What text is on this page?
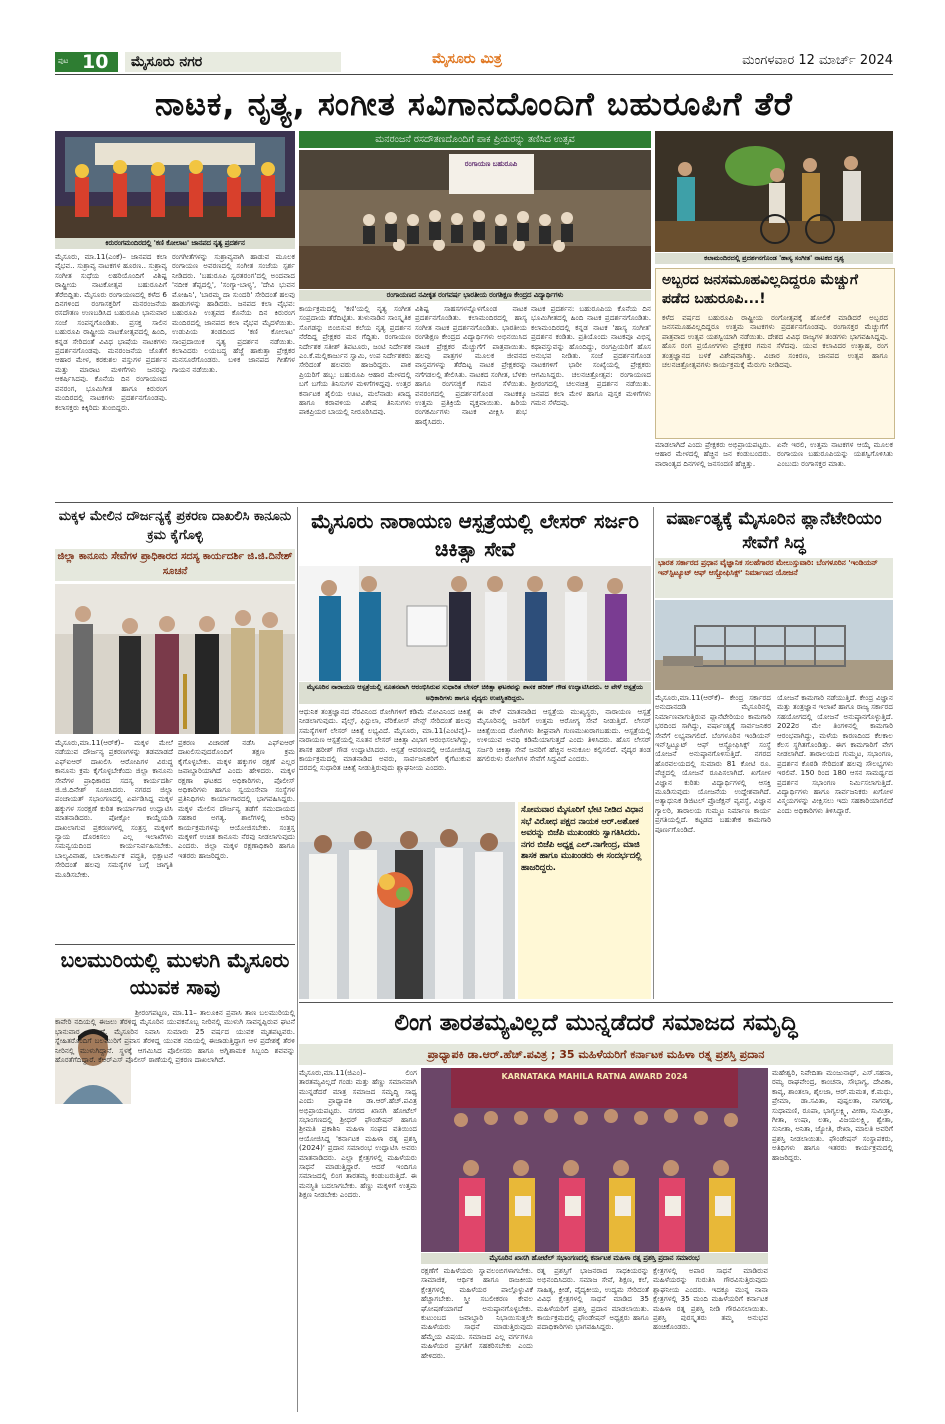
ಪುಟ 10	ಮೈಸೂರು ನಗರ	ಮೈಸೂರು ಮಿತ್ರ	ಮಂಗಳವಾರ 12 ಮಾರ್ಚ್ 2024
ನಾಟಕ, ನೃತ್ಯ, ಸಂಗೀತ ಸವಿಗಾನದೊಂದಿಗೆ ಬಹುರೂಪಿಗೆ ತೆರೆ
ಕಿರುರಂಗಮಂದಿರದಲ್ಲಿ 'ಕಣಿ ಕೋಲಾಟ' ಜಾನಪದ ನೃತ್ಯ ಪ್ರದರ್ಶನ
ಮನರಂಜನೆ ರಸದೌತಣದೊಂದಿಗೆ ಪಾಕ ಪ್ರಿಯರನ್ನು ತಣಿಸಿದ ಉತ್ಸವ
ರಂಗಾಯಣ ಬಹುರೂಪಿ
ರಂಗಾಯಣದ ನವೀಕೃತ ರಂಗವರ್ಷ ಭಾರತೀಯ ರಂಗಶಿಕ್ಷಣ ಕೇಂದ್ರದ ವಿದ್ಯಾರ್ಥಿಗಳು
ಕಲಾಮಂದಿರದಲ್ಲಿ ಪ್ರದರ್ಶನಗೊಂಡ 'ಹಾಸ್ಯ ಸಂಗೀತ' ನಾಟಕದ ದೃಶ್ಯ
ಮೈಸೂರು, ಮಾ.11(ಎಂಕೆ)– ಜಾನಪದ ಕಲಾ ವೈಭವ.. ಸುಶ್ರಾವ್ಯ ನಾಟಕಗಳ ಹೂರಣ.. ಸುಶ್ರಾವ್ಯ ಸಂಗೀತ ಸುಧೆಯ ಲಹರಿಯೊಂದಿಗೆ ವಿಶಿಷ್ಟ ರಾಷ್ಟ್ರೀಯ ನಾಟಕೋತ್ಸವ ಬಹುರೂಪಿಗೆ ತೆರೆಬಿದ್ದಿತು. ಮೈಸೂರು ರಂಗಾಯಣದಲ್ಲಿ ಕಳೆದ 6 ದಿನಗಳಿಂದ ರಂಗಾಸಕ್ತರಿಗೆ ಮನರಂಜನೆಯ ರಸದೌತಣ ಉಣಬಡಿಸಿದ ಬಹುರೂಪಿ ಭಾನುವಾರ ಸಂಜೆ ಸಂಪನ್ನಗೊಂಡಿತು. ಪ್ರಸಕ್ತ ಸಾಲಿನ ಬಹುರೂಪಿ ರಾಷ್ಟ್ರೀಯ ನಾಟಕೋತ್ಸವದಲ್ಲಿ ಹಿಂದಿ, ಕನ್ನಡ ಸೇರಿದಂತೆ ವಿವಿಧ ಭಾಷೆಯ ನಾಟಕಗಳು ಪ್ರದರ್ಶನಗೊಂಡವು. ಮನರಂಜನೆಯ ಜೊತೆಗೆ ಆಹಾರ ಮೇಳ, ಕರಕುಶಲ ವಸ್ತುಗಳ ಪ್ರದರ್ಶನ ಮತ್ತು ಮಾರಾಟ ಮಳಿಗೆಗಳು ಜನರನ್ನು ಆಕರ್ಷಿಸಿದವು. ಕೊನೆಯ ದಿನ ರಂಗಾಯಣದ ವನರಂಗ, ಭೂಮಿಗೀತ ಹಾಗೂ ಕಿರುರಂಗ ಮಂದಿರದಲ್ಲಿ ನಾಟಕಗಳು ಪ್ರದರ್ಶನಗೊಂಡವು. ಕಲಾಸಕ್ತರು ಕಿಕ್ಕಿರಿದು ತುಂಬಿದ್ದರು.
ರಂಗಗೀತೆಗಳನ್ನು ಸುಶ್ರಾವ್ಯವಾಗಿ ಹಾಡುವ ಮೂಲಕ ರಂಗಾಯಣ ಅವರಣದಲ್ಲಿ ಸಂಗೀತ ಸಂಜೆಯ ಸ್ಪರ್ಶ ನೀಡಿದರು. 'ಬಹುರೂಪಿ ಸ್ವರತರಂಗ'ದಲ್ಲಿ ಅಂದವಾದ 'ನದೀಕ ತೆಪ್ಪದಲ್ಲಿ', 'ಸಂಗ್ಯಾ-ಬಾಳ್ಯ', 'ದೇವಿ ಭುವನ ಮೋಹಿನಿ', 'ಬಾರಮ್ಮ ದಾ ಸುಂದರಿ' ಸೇರಿದಂತೆ ಹಲವು ಹಾಡುಗಳನ್ನು ಹಾಡಿದರು. ಜನಪದ ಕಲಾ ವೈಭವ: ಬಹುರೂಪಿ ಉತ್ಸವದ ಕೊನೆಯ ದಿನ ಕಿರುರಂಗ ಮಂದಿರದಲ್ಲಿ ಜಾನಪದ ಕಲಾ ವೈಭವ ಮೈದಳೆಯಿತು. ಉಡುಪಿಯ ತಂಡದಿಂದ 'ಕಣಿ ಕೋಲಾಟ' ಸಾಂಪ್ರದಾಯಿಕ ನೃತ್ಯ ಪ್ರದರ್ಶನ ನಡೆಯಿತು. ಕಲಾವಿದರು ಲಯಬದ್ಧ ಹೆಜ್ಜೆ ಹಾಕುತ್ತಾ ಪ್ರೇಕ್ಷಕರ ಮನಸೂರೆಗೊಂಡರು. ಬಳಿಕ ಜಾನಪದ ಗೀತೆಗಳ ಗಾಯನ ನಡೆಯಿತು.
ಕಾರ್ಯಕ್ರಮದಲ್ಲಿ 'ಕಣಿ'ಯಲ್ಲಿ ನೃತ್ಯ ಸಂಗೀತ ಸಂಪ್ರದಾಯ ತೆರೆದಿಟ್ಟಿತು. ತುಳುನಾಡಿನ ಸಾಂಸ್ಕೃತಿಕ ಸೊಗಡನ್ನು ಬಿಂಬಿಸುವ ಕಲೆಯ ನೃತ್ಯ ಪ್ರದರ್ಶನ ನೆರೆದಿದ್ದ ಪ್ರೇಕ್ಷಕರ ಮನ ಗೆದ್ದಿತು. ರಂಗಾಯಣ ನಿರ್ದೇಶಕ ಸತೀಶ್ ತಿಪಟೂರು, ಜಂಟಿ ನಿರ್ದೇಶಕ ಎಂ.ಕೆ.ಮಲ್ಲಿಕಾರ್ಜುನ ಸ್ವಾಮಿ, ಉಪ ನಿರ್ದೇಶಕರು ಸೇರಿದಂತೆ ಹಲವರು ಹಾಜರಿದ್ದರು. ಪಾಕ ಪ್ರಿಯರಿಗೆ ಹಬ್ಬ: ಬಹುರೂಪಿ ಆಹಾರ ಮೇಳದಲ್ಲಿ ಬಗೆ ಬಗೆಯ ತಿನಿಸುಗಳ ಮಳಿಗೆಗಳಿದ್ದವು. ಉತ್ತರ ಕರ್ನಾಟಕ ಶೈಲಿಯ ಊಟ, ಮಲೆನಾಡು ಖಾದ್ಯ ಹಾಗೂ ಕರಾವಳಿಯ ವಿಶೇಷ ತಿನಿಸುಗಳು ಪಾಕಪ್ರಿಯರ ಬಾಯಲ್ಲಿ ನೀರೂರಿಸಿದವು.
ವಿಶಿಷ್ಟ ಸಾಹಸಗಳನ್ನೊಳಗೊಂಡ ನಾಟಕ ಪ್ರದರ್ಶನಗೊಂಡಿತು. ಕಲಾಮಂದಿರದಲ್ಲಿ ಹಾಸ್ಯ ಸಂಗೀತ ನಾಟಕ ಪ್ರದರ್ಶನಗೊಂಡಿತು. ಭಾರತೀಯ ರಂಗಶಿಕ್ಷಣ ಕೇಂದ್ರದ ವಿದ್ಯಾರ್ಥಿಗಳು ಅಭಿನಯಿಸಿದ ನಾಟಕ ಪ್ರೇಕ್ಷಕರ ಮೆಚ್ಚುಗೆಗೆ ಪಾತ್ರವಾಯಿತು. ಹಲವು ಪಾತ್ರಗಳ ಮೂಲಕ ಜೀವನದ ವಾಸ್ತವಗಳನ್ನು ತೆರೆದಿಟ್ಟ ನಾಟಕ ಪ್ರೇಕ್ಷಕರನ್ನು ನಗೆಗಡಲಲ್ಲಿ ತೇಲಿಸಿತು. ನಾಟಕದ ಸಂಗೀತ, ಬೆಳಕು ಹಾಗೂ ರಂಗಸಜ್ಜಿಕೆ ಗಮನ ಸೆಳೆಯಿತು. ವನರಂಗದಲ್ಲಿ ಪ್ರದರ್ಶನಗೊಂಡ ನಾಟಕಕ್ಕೂ ಉತ್ತಮ ಪ್ರತಿಕ್ರಿಯೆ ವ್ಯಕ್ತವಾಯಿತು. ಹಿರಿಯ ರಂಗಕರ್ಮಿಗಳು ನಾಟಕ ವೀಕ್ಷಿಸಿ ಶುಭ ಹಾರೈಸಿದರು.
ನಾಟಕ ಪ್ರದರ್ಶನ: ಬಹುರೂಪಿಯ ಕೊನೆಯ ದಿನ ಭೂಮಿಗೀತದಲ್ಲಿ ಹಿಂದಿ ನಾಟಕ ಪ್ರದರ್ಶನಗೊಂಡಿತು. ಕಲಾಮಂದಿರದಲ್ಲಿ ಕನ್ನಡ ನಾಟಕ 'ಹಾಸ್ಯ ಸಂಗೀತ' ಪ್ರದರ್ಶನ ಕಂಡಿತು. ಪ್ರತಿಯೊಂದು ನಾಟಕವೂ ವಿಭಿನ್ನ ಕಥಾವಸ್ತುವನ್ನು ಹೊಂದಿದ್ದು, ರಂಗಪ್ರಿಯರಿಗೆ ಹೊಸ ಅನುಭವ ನೀಡಿತು. ಸಂಜೆ ಪ್ರದರ್ಶನಗೊಂಡ ನಾಟಕಗಳಿಗೆ ಭಾರೀ ಸಂಖ್ಯೆಯಲ್ಲಿ ಪ್ರೇಕ್ಷಕರು ಆಗಮಿಸಿದ್ದರು. ಚಲನಚಿತ್ರೋತ್ಸವ: ರಂಗಾಯಣದ ಶ್ರೀರಂಗದಲ್ಲಿ ಚಲನಚಿತ್ರ ಪ್ರದರ್ಶನ ನಡೆಯಿತು. ಜನಪದ ಕಲಾ ಮೇಳ ಹಾಗೂ ಪುಸ್ತಕ ಮಳಿಗೆಗಳು ಗಮನ ಸೆಳೆದವು.
ಅಬ್ಬರದ ಜನಸಮೂಹವಿಲ್ಲದಿದ್ದರೂ ಮೆಚ್ಚುಗೆ ಪಡೆದ ಬಹುರೂಪಿ...!
ಕಳೆದ ವರ್ಷದ ಬಹುರೂಪಿ ರಾಷ್ಟ್ರೀಯ ರಂಗೋತ್ಸವಕ್ಕೆ ಹೋಲಿಕೆ ಮಾಡಿದರೆ ಅಬ್ಬರದ ಜನಸಮೂಹವಿಲ್ಲದಿದ್ದರೂ ಉತ್ತಮ ನಾಟಕಗಳು ಪ್ರದರ್ಶನಗೊಂಡವು. ರಂಗಾಸಕ್ತರ ಮೆಚ್ಚುಗೆಗೆ ಪಾತ್ರವಾದ ಉತ್ಸವ ಯಶಸ್ವಿಯಾಗಿ ನಡೆಯಿತು. ದೇಶದ ವಿವಿಧ ರಾಜ್ಯಗಳ ತಂಡಗಳು ಭಾಗವಹಿಸಿದ್ದವು. ಹೊಸ ರಂಗ ಪ್ರಯೋಗಗಳು ಪ್ರೇಕ್ಷಕರ ಗಮನ ಸೆಳೆದವು. ಯುವ ಕಲಾವಿದರ ಉತ್ಸಾಹ, ರಂಗ ತಂತ್ರಜ್ಞಾನದ ಬಳಕೆ ವಿಶೇಷವಾಗಿತ್ತು. ವಿಚಾರ ಸಂಕಿರಣ, ಜಾನಪದ ಉತ್ಸವ ಹಾಗೂ ಚಲನಚಿತ್ರೋತ್ಸವಗಳು ಕಾರ್ಯಕ್ರಮಕ್ಕೆ ಮೆರುಗು ನೀಡಿದವು.
ಮಾಡಲಾಗಿದೆ ಎಂದು ಪ್ರೇಕ್ಷಕರು ಅಭಿಪ್ರಾಯಪಟ್ಟರು. ಆಹಾರ ಮೇಳದಲ್ಲಿ ಹೆಚ್ಚಿನ ಜನ ಕಂಡುಬಂದರು. ವಾರಾಂತ್ಯದ ದಿನಗಳಲ್ಲಿ ಜನಸಂದಣಿ ಹೆಚ್ಚಿತ್ತು.
ಏನೇ ಇರಲಿ, ಉತ್ತಮ ನಾಟಕಗಳ ಆಯ್ಕೆ ಮೂಲಕ ರಂಗಾಯಣ ಬಹುರೂಪಿಯನ್ನು ಯಶಸ್ವಿಗೊಳಿಸಿತು ಎಂಬುದು ರಂಗಾಸಕ್ತರ ಮಾತು.
ಮಕ್ಕಳ ಮೇಲಿನ ದೌರ್ಜನ್ಯಕ್ಕೆ ಪ್ರಕರಣ ದಾಖಲಿಸಿ ಕಾನೂನು ಕ್ರಮ ಕೈಗೊಳ್ಳಿ
ಜಿಲ್ಲಾ ಕಾನೂನು ಸೇವೆಗಳ ಪ್ರಾಧಿಕಾರದ ಸದಸ್ಯ ಕಾರ್ಯದರ್ಶಿ ಜಿ.ಜಿ.ದಿನೇಶ್ ಸೂಚನೆ
ಮೈಸೂರು,ಮಾ.11(ಆರ್‌ಕೆ)– ಮಕ್ಕಳ ಮೇಲೆ ನಡೆಯುವ ದೌರ್ಜನ್ಯ ಪ್ರಕರಣಗಳನ್ನು ತಡಮಾಡದೆ ಎಫ್‌ಐಆರ್ ದಾಖಲಿಸಿ ಆರೋಪಿಗಳ ವಿರುದ್ಧ ಕಾನೂನು ಕ್ರಮ ಕೈಗೊಳ್ಳಬೇಕೆಂದು ಜಿಲ್ಲಾ ಕಾನೂನು ಸೇವೆಗಳ ಪ್ರಾಧಿಕಾರದ ಸದಸ್ಯ ಕಾರ್ಯದರ್ಶಿ ಜಿ.ಜಿ.ದಿನೇಶ್ ಸೂಚಿಸಿದರು. ನಗರದ ಜಿಲ್ಲಾ ಪಂಚಾಯತ್ ಸಭಾಂಗಣದಲ್ಲಿ ಏರ್ಪಡಿಸಿದ್ದ ಮಕ್ಕಳ ಹಕ್ಕುಗಳ ಸಂರಕ್ಷಣೆ ಕುರಿತ ಕಾರ್ಯಾಗಾರ ಉದ್ಘಾಟಿಸಿ ಮಾತನಾಡಿದರು. ಪೋಕ್ಸೋ ಕಾಯ್ದೆಯಡಿ ದಾಖಲಾಗುವ ಪ್ರಕರಣಗಳಲ್ಲಿ ಸಂತ್ರಸ್ತ ಮಕ್ಕಳಿಗೆ ನ್ಯಾಯ ದೊರಕಿಸಲು ಎಲ್ಲ ಇಲಾಖೆಗಳು ಸಮನ್ವಯದಿಂದ ಕಾರ್ಯನಿರ್ವಹಿಸಬೇಕು. ಬಾಲ್ಯವಿವಾಹ, ಬಾಲಕಾರ್ಮಿಕ ಪದ್ಧತಿ, ಭಿಕ್ಷಾಟನೆ ಸೇರಿದಂತೆ ಹಲವು ಸಮಸ್ಯೆಗಳ ಬಗ್ಗೆ ಜಾಗೃತಿ ಮೂಡಿಸಬೇಕು.
ಪ್ರಕರಣ ವಿಚಾರಣೆ ನಡೆಸಿ ಎಫ್‌ಐಆರ್ ದಾಖಲಿಸುವುದರೊಂದಿಗೆ ತಕ್ಷಣ ಕ್ರಮ ಕೈಗೊಳ್ಳಬೇಕು. ಮಕ್ಕಳ ಹಕ್ಕುಗಳ ರಕ್ಷಣೆ ಎಲ್ಲರ ಜವಾಬ್ದಾರಿಯಾಗಿದೆ ಎಂದು ಹೇಳಿದರು. ಮಕ್ಕಳ ರಕ್ಷಣಾ ಘಟಕದ ಅಧಿಕಾರಿಗಳು, ಪೊಲೀಸ್ ಅಧಿಕಾರಿಗಳು ಹಾಗೂ ಸ್ವಯಂಸೇವಾ ಸಂಸ್ಥೆಗಳ ಪ್ರತಿನಿಧಿಗಳು ಕಾರ್ಯಾಗಾರದಲ್ಲಿ ಭಾಗವಹಿಸಿದ್ದರು. ಮಕ್ಕಳ ಮೇಲಿನ ದೌರ್ಜನ್ಯ ತಡೆಗೆ ಸಮುದಾಯದ ಸಹಕಾರ ಅಗತ್ಯ. ಶಾಲೆಗಳಲ್ಲಿ ಅರಿವು ಕಾರ್ಯಕ್ರಮಗಳನ್ನು ಆಯೋಜಿಸಬೇಕು. ಸಂತ್ರಸ್ತ ಮಕ್ಕಳಿಗೆ ಉಚಿತ ಕಾನೂನು ನೆರವು ನೀಡಲಾಗುವುದು ಎಂದರು. ಜಿಲ್ಲಾ ಮಕ್ಕಳ ರಕ್ಷಣಾಧಿಕಾರಿ ಹಾಗೂ ಇತರರು ಹಾಜರಿದ್ದರು.
ಬಲಮುರಿಯಲ್ಲಿ ಮುಳುಗಿ ಮೈಸೂರು ಯುವಕ ಸಾವು
ಶ್ರೀರಂಗಪಟ್ಟಣ, ಮಾ.11– ತಾಲೂಕಿನ ಪ್ರವಾಸಿ ತಾಣ ಬಲಮುರಿಯಲ್ಲಿ ಕಾವೇರಿ ನದಿಯಲ್ಲಿ ಈಜಲು ತೆರಳಿದ್ದ ಮೈಸೂರಿನ ಯುವಕನೊಬ್ಬ ನೀರಿನಲ್ಲಿ ಮುಳುಗಿ ಸಾವನ್ನಪ್ಪಿರುವ ಘಟನೆ ಭಾನುವಾರ ನಡೆದಿದೆ. ಮೈಸೂರಿನ ನಿವಾಸಿ ಸುಮಾರು 25 ವರ್ಷದ ಯುವಕ ಮೃತಪಟ್ಟವರು. ಸ್ನೇಹಿತರೊಂದಿಗೆ ಬಲಮುರಿಗೆ ಪ್ರವಾಸ ತೆರಳಿದ್ದ ಯುವಕ ನದಿಯಲ್ಲಿ ಈಜಾಡುತ್ತಿದ್ದಾಗ ಆಳ ಪ್ರದೇಶಕ್ಕೆ ತೆರಳಿ ನೀರಿನಲ್ಲಿ ಮುಳುಗಿದ್ದಾನೆ. ಸ್ಥಳಕ್ಕೆ ಆಗಮಿಸಿದ ಪೊಲೀಸರು ಹಾಗೂ ಅಗ್ನಿಶಾಮಕ ಸಿಬ್ಬಂದಿ ಶವವನ್ನು ಹೊರತೆಗೆದಿದ್ದಾರೆ. ಕೆಆರ್‌ಎಸ್ ಪೊಲೀಸ್ ಠಾಣೆಯಲ್ಲಿ ಪ್ರಕರಣ ದಾಖಲಾಗಿದೆ.
ಮೈಸೂರು ನಾರಾಯಣ ಆಸ್ಪತ್ರೆಯಲ್ಲಿ ಲೇಸರ್ ಸರ್ಜರಿ ಚಿಕಿತ್ಸಾ ಸೇವೆ
ಮೈಸೂರಿನ ನಾರಾಯಣ ಆಸ್ಪತ್ರೆಯಲ್ಲಿ ನೂತನವಾಗಿ ಆರಂಭಿಸಿರುವ ಸುಧಾರಿತ ಲೇಸರ್ ಚಿಕಿತ್ಸಾ ಘಟಕವನ್ನು ಶಾಸಕ ಹರೀಶ್ ಗೌಡ ಉದ್ಘಾಟಿಸಿದರು. ಆ ವೇಳೆ ಆಸ್ಪತ್ರೆಯ ಅಧಿಕಾರಿಗಳು ಹಾಗೂ ವೈದ್ಯರು ಉಪಸ್ಥಿತರಿದ್ದರು.
ಆಧುನಿಕ ತಂತ್ರಜ್ಞಾನದ ನೆರವಿನಿಂದ ರೋಗಿಗಳಿಗೆ ಕಡಿಮೆ ನೋವಿನಿಂದ ಚಿಕಿತ್ಸೆ ನೀಡಲಾಗುವುದು. ಪೈಲ್ಸ್, ಫಿಸ್ಟುಲಾ, ವೆರಿಕೋಸ್ ವೇನ್ಸ್ ಸೇರಿದಂತೆ ಹಲವು ಸಮಸ್ಯೆಗಳಿಗೆ ಲೇಸರ್ ಚಿಕಿತ್ಸೆ ಲಭ್ಯವಿದೆ. ಮೈಸೂರು, ಮಾ.11(ಎಂಟಿವೈ)– ನಾರಾಯಣ ಆಸ್ಪತ್ರೆಯಲ್ಲಿ ನೂತನ ಲೇಸರ್ ಚಿಕಿತ್ಸಾ ವಿಭಾಗ ಆರಂಭಿಸಲಾಗಿದ್ದು, ಶಾಸಕ ಹರೀಶ್ ಗೌಡ ಉದ್ಘಾಟಿಸಿದರು. ಆಸ್ಪತ್ರೆ ಆವರಣದಲ್ಲಿ ಆಯೋಜಿಸಿದ್ದ ಕಾರ್ಯಕ್ರಮದಲ್ಲಿ ಮಾತನಾಡಿದ ಅವರು, ಸಾರ್ವಜನಿಕರಿಗೆ ಕೈಗೆಟುಕುವ ದರದಲ್ಲಿ ಸುಧಾರಿತ ಚಿಕಿತ್ಸೆ ನೀಡುತ್ತಿರುವುದು ಶ್ಲಾಘನೀಯ ಎಂದರು.
ಈ ವೇಳೆ ಮಾತನಾಡಿದ ಆಸ್ಪತ್ರೆಯ ಮುಖ್ಯಸ್ಥರು, ನಾರಾಯಣ ಆಸ್ಪತ್ರೆ ಮೈಸೂರಿನಲ್ಲಿ ಜನರಿಗೆ ಉತ್ತಮ ಆರೋಗ್ಯ ಸೇವೆ ನೀಡುತ್ತಿದೆ. ಲೇಸರ್ ಚಿಕಿತ್ಸೆಯಿಂದ ರೋಗಿಗಳು ಶೀಘ್ರವಾಗಿ ಗುಣಮುಖರಾಗಬಹುದು. ಆಸ್ಪತ್ರೆಯಲ್ಲಿ ಉಳಿಯುವ ಅವಧಿ ಕಡಿಮೆಯಾಗುತ್ತದೆ ಎಂದು ತಿಳಿಸಿದರು. ಹೊಸ ಲೇಸರ್ ಸರ್ಜರಿ ಚಿಕಿತ್ಸಾ ಸೇವೆ ಜನರಿಗೆ ಹೆಚ್ಚಿನ ಅನುಕೂಲ ಕಲ್ಪಿಸಲಿದೆ. ವೈದ್ಯರ ತಂಡ ಹಗಲಿರುಳು ರೋಗಿಗಳ ಸೇವೆಗೆ ಸಿದ್ಧವಿದೆ ಎಂದರು.
ಸೋಮವಾರ ಮೈಸೂರಿಗೆ ಭೇಟಿ ನೀಡಿದ ವಿಧಾನ ಸಭೆ ವಿರೋಧ ಪಕ್ಷದ ನಾಯಕ ಆರ್.ಅಶೋಕ ಅವರನ್ನು ಬಿಜೆಪಿ ಮುಖಂಡರು ಸ್ವಾಗತಿಸಿದರು. ನಗರ ಬಿಜೆಪಿ ಅಧ್ಯಕ್ಷ ಎಲ್.ನಾಗೇಂದ್ರ, ಮಾಜಿ ಶಾಸಕ ಹಾಗೂ ಮುಖಂಡರು ಈ ಸಂದರ್ಭದಲ್ಲಿ ಹಾಜರಿದ್ದರು.
ವರ್ಷಾಂತ್ಯಕ್ಕೆ ಮೈಸೂರಿನ ಪ್ಲಾನೆಟೇರಿಯಂ ಸೇವೆಗೆ ಸಿದ್ಧ
ಭಾರತ ಸರ್ಕಾರದ ಪ್ರಧಾನ ವೈಜ್ಞಾನಿಕ ಸಲಹೆಗಾರರ ಮೇಲುಸ್ತುವಾರಿ: ಬೆಂಗಳೂರಿನ 'ಇಂಡಿಯನ್ ಇನ್‌ಸ್ಟಿಟ್ಯೂಟ್ ಆಫ್ ಆಸ್ಟ್ರೋಫಿಸಿಕ್ಸ್' ನಿರ್ಮಾಣದ ಯೋಜನೆ
ಮೈಸೂರು,ಮಾ.11(ಆರ್‌ಕೆ)– ಕೇಂದ್ರ ಸರ್ಕಾರದ ಅನುದಾನದಡಿ ಮೈಸೂರಿನಲ್ಲಿ ನಿರ್ಮಾಣವಾಗುತ್ತಿರುವ ಪ್ಲಾನೆಟೇರಿಯಂ ಕಾಮಗಾರಿ ಭರದಿಂದ ಸಾಗಿದ್ದು, ವರ್ಷಾಂತ್ಯಕ್ಕೆ ಸಾರ್ವಜನಿಕರ ಸೇವೆಗೆ ಲಭ್ಯವಾಗಲಿದೆ. ಬೆಂಗಳೂರಿನ ಇಂಡಿಯನ್ ಇನ್‌ಸ್ಟಿಟ್ಯೂಟ್ ಆಫ್ ಆಸ್ಟ್ರೋಫಿಸಿಕ್ಸ್ ಸಂಸ್ಥೆ ಯೋಜನೆ ಅನುಷ್ಠಾನಗೊಳಿಸುತ್ತಿದೆ. ನಗರದ ಹೊರವಲಯದಲ್ಲಿ ಸುಮಾರು 81 ಕೋಟಿ ರೂ. ವೆಚ್ಚದಲ್ಲಿ ಯೋಜನೆ ರೂಪಿಸಲಾಗಿದೆ. ಖಗೋಳ ವಿಜ್ಞಾನ ಕುರಿತು ವಿದ್ಯಾರ್ಥಿಗಳಲ್ಲಿ ಆಸಕ್ತಿ ಮೂಡಿಸುವುದು ಯೋಜನೆಯ ಉದ್ದೇಶವಾಗಿದೆ. ಅತ್ಯಾಧುನಿಕ ಡಿಜಿಟಲ್ ಪ್ರೊಜೆಕ್ಷನ್ ವ್ಯವಸ್ಥೆ, ವಿಜ್ಞಾನ ಗ್ಯಾಲರಿ, ತಾರಾಲಯ ಗುಮ್ಮಟ ನಿರ್ಮಾಣ ಕಾರ್ಯ ಪ್ರಗತಿಯಲ್ಲಿದೆ. ಕಟ್ಟಡದ ಬಹುತೇಕ ಕಾಮಗಾರಿ ಪೂರ್ಣಗೊಂಡಿದೆ.
ಯೋಜನೆ ಕಾಮಗಾರಿ ನಡೆಯುತ್ತಿದೆ. ಕೇಂದ್ರ ವಿಜ್ಞಾನ ಮತ್ತು ತಂತ್ರಜ್ಞಾನ ಇಲಾಖೆ ಹಾಗೂ ರಾಜ್ಯ ಸರ್ಕಾರದ ಸಹಯೋಗದಲ್ಲಿ ಯೋಜನೆ ಅನುಷ್ಠಾನಗೊಳ್ಳುತ್ತಿದೆ. 2022ರ ಮೇ ತಿಂಗಳಿನಲ್ಲಿ ಕಾಮಗಾರಿ ಆರಂಭವಾಗಿದ್ದು, ಮಳೆಯ ಕಾರಣದಿಂದ ಕೆಲಕಾಲ ಕೆಲಸ ಸ್ಥಗಿತಗೊಂಡಿತ್ತು. ಈಗ ಕಾಮಗಾರಿಗೆ ವೇಗ ನೀಡಲಾಗಿದೆ. ತಾರಾಲಯದ ಗುಮ್ಮಟ, ಸಭಾಂಗಣ, ಪ್ರದರ್ಶನ ಕೊಠಡಿ ಸೇರಿದಂತೆ ಹಲವು ಸೌಲಭ್ಯಗಳು ಇರಲಿವೆ. 150 ರಿಂದ 180 ಆಸನ ಸಾಮರ್ಥ್ಯದ ಪ್ರದರ್ಶನ ಸಭಾಂಗಣ ನಿರ್ಮಿಸಲಾಗುತ್ತಿದೆ. ವಿದ್ಯಾರ್ಥಿಗಳು ಹಾಗೂ ಸಾರ್ವಜನಿಕರು ಖಗೋಳ ವಿಸ್ಮಯಗಳನ್ನು ವೀಕ್ಷಿಸಲು ಇದು ಸಹಕಾರಿಯಾಗಲಿದೆ ಎಂದು ಅಧಿಕಾರಿಗಳು ತಿಳಿಸಿದ್ದಾರೆ.
ಲಿಂಗ ತಾರತಮ್ಯವಿಲ್ಲದೆ ಮುನ್ನಡೆದರೆ ಸಮಾಜದ ಸಮೃದ್ಧಿ
ಪ್ರಾಧ್ಯಾಪಕಿ ಡಾ.ಆರ್.ಹೆಚ್.ಪವಿತ್ರ ; 35 ಮಹಿಳೆಯರಿಗೆ ಕರ್ನಾಟಕ ಮಹಿಳಾ ರತ್ನ ಪ್ರಶಸ್ತಿ ಪ್ರದಾನ
ಮೈಸೂರು,ಮಾ.11(ಜಿಎಂ)– ಲಿಂಗ ತಾರತಮ್ಯವಿಲ್ಲದೆ ಗಂಡು ಮತ್ತು ಹೆಣ್ಣು ಸಮಾನವಾಗಿ ಮುನ್ನಡೆದರೆ ಮಾತ್ರ ಸಮಾಜದ ಸಮೃದ್ಧಿ ಸಾಧ್ಯ ಎಂದು ಪ್ರಾಧ್ಯಾಪಕಿ ಡಾ.ಆರ್.ಹೆಚ್.ಪವಿತ್ರ ಅಭಿಪ್ರಾಯಪಟ್ಟರು. ನಗರದ ಖಾಸಗಿ ಹೋಟೆಲ್ ಸಭಾಂಗಣದಲ್ಲಿ ಶ್ರೀಧರ್ ಫೌಂಡೇಷನ್ ಹಾಗೂ ಶ್ರೀಮತಿ ಪ್ರಕಾಶಿನಿ ಮಹಿಳಾ ಸಂಘದ ವತಿಯಿಂದ ಆಯೋಜಿಸಿದ್ದ 'ಕರ್ನಾಟಕ ಮಹಿಳಾ ರತ್ನ ಪ್ರಶಸ್ತಿ (2024)' ಪ್ರದಾನ ಸಮಾರಂಭ ಉದ್ಘಾಟಿಸಿ ಅವರು ಮಾತನಾಡಿದರು. ಎಲ್ಲಾ ಕ್ಷೇತ್ರಗಳಲ್ಲಿ ಮಹಿಳೆಯರು ಸಾಧನೆ ಮಾಡುತ್ತಿದ್ದಾರೆ. ಆದರೆ ಇಂದಿಗೂ ಸಮಾಜದಲ್ಲಿ ಲಿಂಗ ತಾರತಮ್ಯ ಕಂಡುಬರುತ್ತಿದೆ. ಈ ಮನಸ್ಥಿತಿ ಬದಲಾಗಬೇಕು. ಹೆಣ್ಣು ಮಕ್ಕಳಿಗೆ ಉತ್ತಮ ಶಿಕ್ಷಣ ನೀಡಬೇಕು ಎಂದರು.
KARNATAKA MAHILA RATNA AWARD 2024
ಮೈಸೂರಿನ ಖಾಸಗಿ ಹೋಟೆಲ್ ಸಭಾಂಗಣದಲ್ಲಿ ಕರ್ನಾಟಕ ಮಹಿಳಾ ರತ್ನ ಪ್ರಶಸ್ತಿ ಪ್ರದಾನ ಸಮಾರಂಭ
ರಕ್ಷಣೆಗೆ ಮಹಿಳೆಯರು ಸ್ವಾವಲಂಬಿಗಳಾಗಬೇಕು. ಸಾಮಾಜಿಕ, ಆರ್ಥಿಕ ಹಾಗೂ ರಾಜಕೀಯ ಕ್ಷೇತ್ರಗಳಲ್ಲಿ ಮಹಿಳೆಯರ ಪಾಲ್ಗೊಳ್ಳುವಿಕೆ ಹೆಚ್ಚಾಗಬೇಕು. ಸ್ತ್ರೀ ಸಬಲೀಕರಣ ಕೇವಲ ಘೋಷಣೆಯಾಗದೆ ಅನುಷ್ಠಾನಗೊಳ್ಳಬೇಕು. ಕುಟುಂಬದ ಜವಾಬ್ದಾರಿ ನಿಭಾಯಿಸುತ್ತಲೇ ಮಹಿಳೆಯರು ಸಾಧನೆ ಮಾಡುತ್ತಿರುವುದು ಹೆಮ್ಮೆಯ ವಿಷಯ. ಸಮಾಜದ ಎಲ್ಲ ವರ್ಗಗಳೂ ಮಹಿಳೆಯರ ಪ್ರಗತಿಗೆ ಸಹಕರಿಸಬೇಕು ಎಂದು ಹೇಳಿದರು.
ರತ್ನ ಪ್ರಶಸ್ತಿಗೆ ಭಾಜನರಾದ ಸಾಧಕಿಯರನ್ನು ಅಭಿನಂದಿಸಿದರು. ಸಮಾಜ ಸೇವೆ, ಶಿಕ್ಷಣ, ಕಲೆ, ಸಾಹಿತ್ಯ, ಕ್ರೀಡೆ, ವೈದ್ಯಕೀಯ, ಉದ್ಯಮ ಸೇರಿದಂತೆ ವಿವಿಧ ಕ್ಷೇತ್ರಗಳಲ್ಲಿ ಸಾಧನೆ ಮಾಡಿದ 35 ಮಹಿಳೆಯರಿಗೆ ಪ್ರಶಸ್ತಿ ಪ್ರದಾನ ಮಾಡಲಾಯಿತು. ಕಾರ್ಯಕ್ರಮದಲ್ಲಿ ಫೌಂಡೇಷನ್ ಅಧ್ಯಕ್ಷರು ಹಾಗೂ ಪದಾಧಿಕಾರಿಗಳು ಭಾಗವಹಿಸಿದ್ದರು.
ಕ್ಷೇತ್ರಗಳಲ್ಲಿ ಅಪಾರ ಸಾಧನೆ ಮಾಡಿರುವ ಮಹಿಳೆಯರನ್ನು ಗುರುತಿಸಿ ಗೌರವಿಸುತ್ತಿರುವುದು ಶ್ಲಾಘನೀಯ ಎಂದರು. ಇದಕ್ಕೂ ಮುನ್ನ ನಾನಾ ಕ್ಷೇತ್ರಗಳಲ್ಲಿ 35 ಮಂದಿ ಮಹಿಳೆಯರಿಗೆ ಕರ್ನಾಟಕ ಮಹಿಳಾ ರತ್ನ ಪ್ರಶಸ್ತಿ ನೀಡಿ ಗೌರವಿಸಲಾಯಿತು. ಪ್ರಶಸ್ತಿ ಪುರಸ್ಕೃತರು ತಮ್ಮ ಅನುಭವ ಹಂಚಿಕೊಂಡರು.
ಮಹೇಶ್ವರಿ, ನಿವೇದಿತಾ ಮಂಜುನಾಥ್, ಎಸ್.ಸಹನಾ, ರಮ್ಯ ರಾಘವೇಂದ್ರ, ಕಾಂಚನಾ, ಸೌಭಾಗ್ಯ, ದೇವಿಕಾ, ಕಾವ್ಯ, ಶಾಂತಲಾ, ಶೈಲಜಾ, ಆರ್.ಮಮತ, ಕೆ.ಮಧು, ಪ್ರೇಮಾ, ಡಾ.ಸವಿತಾ, ಪುಷ್ಪಲತಾ, ನಾಗರತ್ನ, ಸುಧಾಮಣಿ, ರೂಪಾ, ಭಾಗ್ಯಲಕ್ಷ್ಮಿ, ವೀಣಾ, ಸುಮಿತ್ರಾ, ಗೀತಾ, ಉಷಾ, ಲತಾ, ವಿಜಯಲಕ್ಷ್ಮಿ, ಶ್ವೇತಾ, ಸುನೀತಾ, ಅನಿತಾ, ಜ್ಯೋತಿ, ರೇಖಾ, ಮಾಲತಿ ಅವರಿಗೆ ಪ್ರಶಸ್ತಿ ನೀಡಲಾಯಿತು. ಫೌಂಡೇಷನ್ ಸಂಸ್ಥಾಪಕರು, ಅತಿಥಿಗಳು ಹಾಗೂ ಇತರರು ಕಾರ್ಯಕ್ರಮದಲ್ಲಿ ಹಾಜರಿದ್ದರು.
